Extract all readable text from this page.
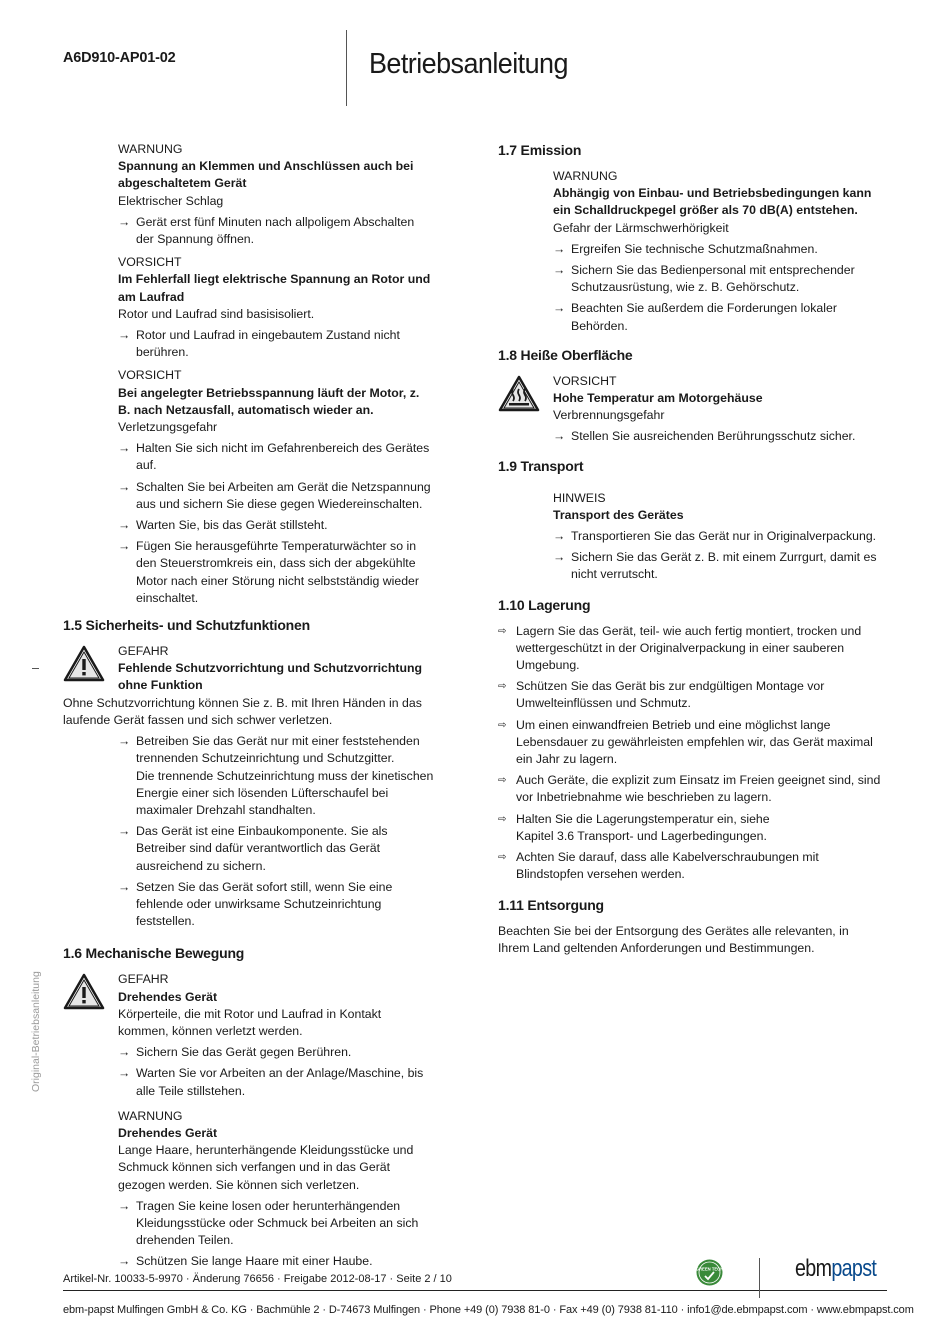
A6D910-AP01-02	Betriebsanleitung
Original-Betriebsanleitung
WARNUNG
Spannung an Klemmen und Anschlüssen auch bei abgeschaltetem Gerät
Elektrischer Schlag
→ Gerät erst fünf Minuten nach allpoligem Abschalten der Spannung öffnen.
VORSICHT
Im Fehlerfall liegt elektrische Spannung an Rotor und am Laufrad
Rotor und Laufrad sind basisisoliert.
→ Rotor und Laufrad in eingebautem Zustand nicht berühren.
VORSICHT
Bei angelegter Betriebsspannung läuft der Motor, z. B. nach Netzausfall, automatisch wieder an.
Verletzungsgefahr
→ Halten Sie sich nicht im Gefahrenbereich des Gerätes auf.
→ Schalten Sie bei Arbeiten am Gerät die Netzspannung aus und sichern Sie diese gegen Wiedereinschalten.
→ Warten Sie, bis das Gerät stillsteht.
→ Fügen Sie herausgeführte Temperaturwächter so in den Steuerstromkreis ein, dass sich der abgekühlte Motor nach einer Störung nicht selbstständig wieder einschaltet.
1.5 Sicherheits- und Schutzfunktionen
GEFAHR
Fehlende Schutzvorrichtung und Schutzvorrichtung ohne Funktion
Ohne Schutzvorrichtung können Sie z. B. mit Ihren Händen in das laufende Gerät fassen und sich schwer verletzen.
→ Betreiben Sie das Gerät nur mit einer feststehenden trennenden Schutzeinrichtung und Schutzgitter.
Die trennende Schutzeinrichtung muss der kinetischen Energie einer sich lösenden Lüfterschaufel bei maximaler Drehzahl standhalten.
→ Das Gerät ist eine Einbaukomponente. Sie als Betreiber sind dafür verantwortlich das Gerät ausreichend zu sichern.
→ Setzen Sie das Gerät sofort still, wenn Sie eine fehlende oder unwirksame Schutzeinrichtung feststellen.
1.6 Mechanische Bewegung
GEFAHR
Drehendes Gerät
Körperteile, die mit Rotor und Laufrad in Kontakt kommen, können verletzt werden.
→ Sichern Sie das Gerät gegen Berühren.
→ Warten Sie vor Arbeiten an der Anlage/Maschine, bis alle Teile stillstehen.
WARNUNG
Drehendes Gerät
Lange Haare, herunterhängende Kleidungsstücke und Schmuck können sich verfangen und in das Gerät gezogen werden. Sie können sich verletzen.
→ Tragen Sie keine losen oder herunterhängenden Kleidungsstücke oder Schmuck bei Arbeiten an sich drehenden Teilen.
→ Schützen Sie lange Haare mit einer Haube.
1.7 Emission
WARNUNG
Abhängig von Einbau- und Betriebsbedingungen kann ein Schalldruckpegel größer als 70 dB(A) entstehen.
Gefahr der Lärmschwerhörigkeit
→ Ergreifen Sie technische Schutzmaßnahmen.
→ Sichern Sie das Bedienpersonal mit entsprechender Schutzausrüstung, wie z. B. Gehörschutz.
→ Beachten Sie außerdem die Forderungen lokaler Behörden.
1.8 Heiße Oberfläche
VORSICHT
Hohe Temperatur am Motorgehäuse
Verbrennungsgefahr
→ Stellen Sie ausreichenden Berührungsschutz sicher.
1.9 Transport
HINWEIS
Transport des Gerätes
→ Transportieren Sie das Gerät nur in Originalverpackung.
→ Sichern Sie das Gerät z. B. mit einem Zurrgurt, damit es nicht verrutscht.
1.10 Lagerung
⇨ Lagern Sie das Gerät, teil- wie auch fertig montiert, trocken und wettergeschützt in der Originalverpackung in einer sauberen Umgebung.
⇨ Schützen Sie das Gerät bis zur endgültigen Montage vor Umwelteinflüssen und Schmutz.
⇨ Um einen einwandfreien Betrieb und eine möglichst lange Lebensdauer zu gewährleisten empfehlen wir, das Gerät maximal ein Jahr zu lagern.
⇨ Auch Geräte, die explizit zum Einsatz im Freien geeignet sind, sind vor Inbetriebnahme wie beschrieben zu lagern.
⇨ Halten Sie die Lagerungstemperatur ein, siehe
Kapitel 3.6 Transport- und Lagerbedingungen.
⇨ Achten Sie darauf, dass alle Kabelverschraubungen mit Blindstopfen versehen werden.
1.11 Entsorgung

Beachten Sie bei der Entsorgung des Gerätes alle relevanten, in Ihrem Land geltenden Anforderungen und Bestimmungen.

Artikel-Nr. 10033-5-9970 · Änderung 76656 · Freigabe 2012-08-17 · Seite 2 / 10
ebm-papst Mulfingen GmbH & Co. KG · Bachmühle 2 · D-74673 Mulfingen · Phone +49 (0) 7938 81-0 · Fax +49 (0) 7938 81-110 · info1@de.ebmpapst.com · www.ebmpapst.com
GREEN TECH	ebmpapst
